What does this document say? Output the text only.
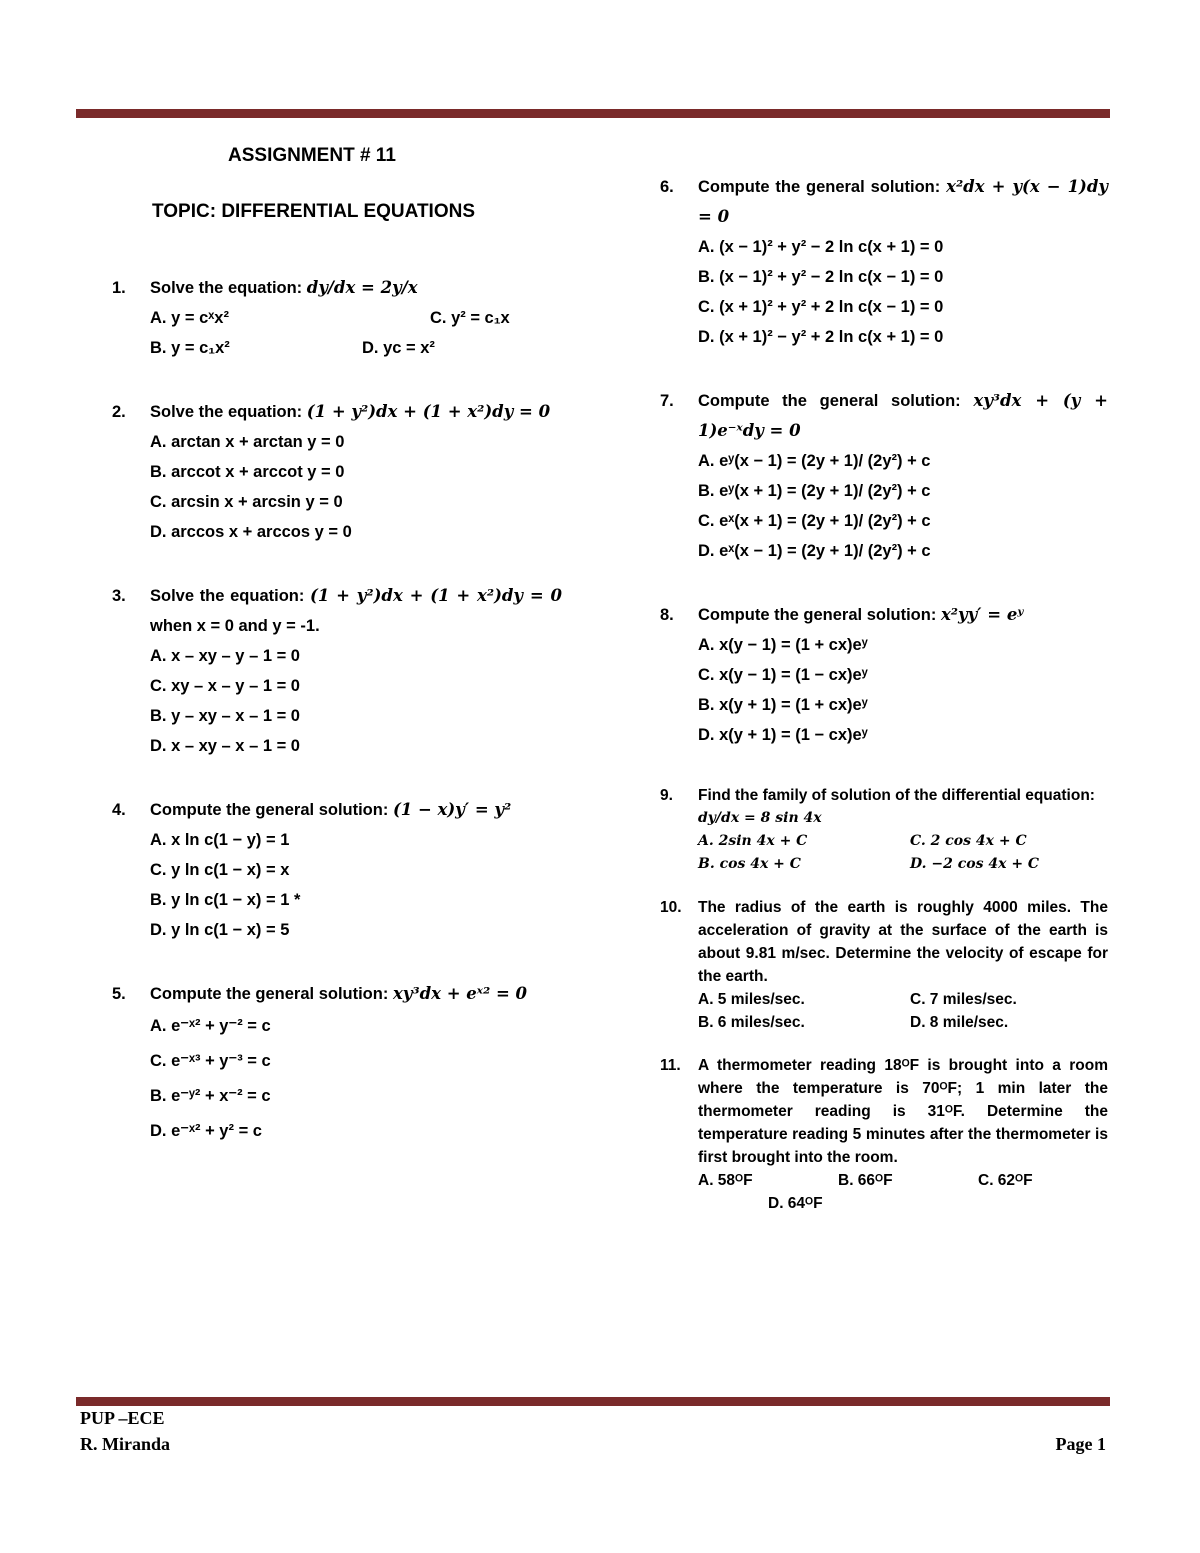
ASSIGNMENT # 11

TOPIC: DIFFERENTIAL EQUATIONS

1.	Solve the equation: dy/dx = 2y/x
A. y = cˣx²	C. y² = c₁x
B. y = c₁x²	D. yc = x²
2.	Solve the equation: (1 + y²)dx + (1 + x²)dy = 0
A. arctan x + arctan y = 0
B. arccot x + arccot y = 0
C. arcsin x + arcsin y = 0
D. arccos x + arccos y = 0
3.	Solve the equation: (1 + y²)dx + (1 + x²)dy = 0 when x = 0 and y = -1.
A. x – xy – y – 1 = 0
C. xy – x – y – 1 = 0
B. y – xy – x – 1 = 0
D. x – xy – x – 1 = 0
4.	Compute the general solution: (1 − x)y′ = y²
A. x ln c(1 − y) = 1
C. y ln c(1 − x) = x
B. y ln c(1 − x) = 1 *
D. y ln c(1 − x) = 5
5.	Compute the general solution: xy³dx + eˣ² = 0
A. e⁻ˣ² + y⁻² = c
C. e⁻ˣ³ + y⁻³ = c
B. e⁻ʸ² + x⁻² = c
D. e⁻ˣ² + y² = c
6.	Compute the general solution: x²dx + y(x − 1)dy = 0
A. (x − 1)² + y² − 2 ln c(x + 1) = 0
B. (x − 1)² + y² − 2 ln c(x − 1) = 0
C. (x + 1)² + y² + 2 ln c(x − 1) = 0
D. (x + 1)² − y² + 2 ln c(x + 1) = 0
7.	Compute the general solution: xy³dx + (y + 1)e⁻ˣdy = 0
A. eʸ(x − 1) = (2y + 1)/ (2y²) + c
B. eʸ(x + 1) = (2y + 1)/ (2y²) + c
C. eˣ(x + 1) = (2y + 1)/ (2y²) + c
D. eˣ(x − 1) = (2y + 1)/ (2y²) + c
8.	Compute the general solution: x²yy′ = eʸ
A. x(y − 1) = (1 + cx)eʸ
C. x(y − 1) = (1 − cx)eʸ
B. x(y + 1) = (1 + cx)eʸ
D. x(y + 1) = (1 − cx)eʸ
9.	Find the family of solution of the differential equation:
dy/dx = 8 sin 4x
A. 2sin 4x + C	C. 2 cos 4x + C
B. cos 4x + C	D. −2 cos 4x + C
10.	The radius of the earth is roughly 4000 miles. The acceleration of gravity at the surface of the earth is about 9.81 m/sec. Determine the velocity of escape for the earth.
A. 5 miles/sec.	C. 7 miles/sec.
B. 6 miles/sec.	D. 8 mile/sec.
11.	A thermometer reading 18ᴼF is brought into a room where the temperature is 70ᴼF; 1 min later the thermometer reading is 31ᴼF. Determine the temperature reading 5 minutes after the thermometer is first brought into the room.
A. 58ᴼF	B. 66ᴼF	C. 62ᴼF
D. 64ᴼF
PUP –ECE
R. Miranda	Page 1
